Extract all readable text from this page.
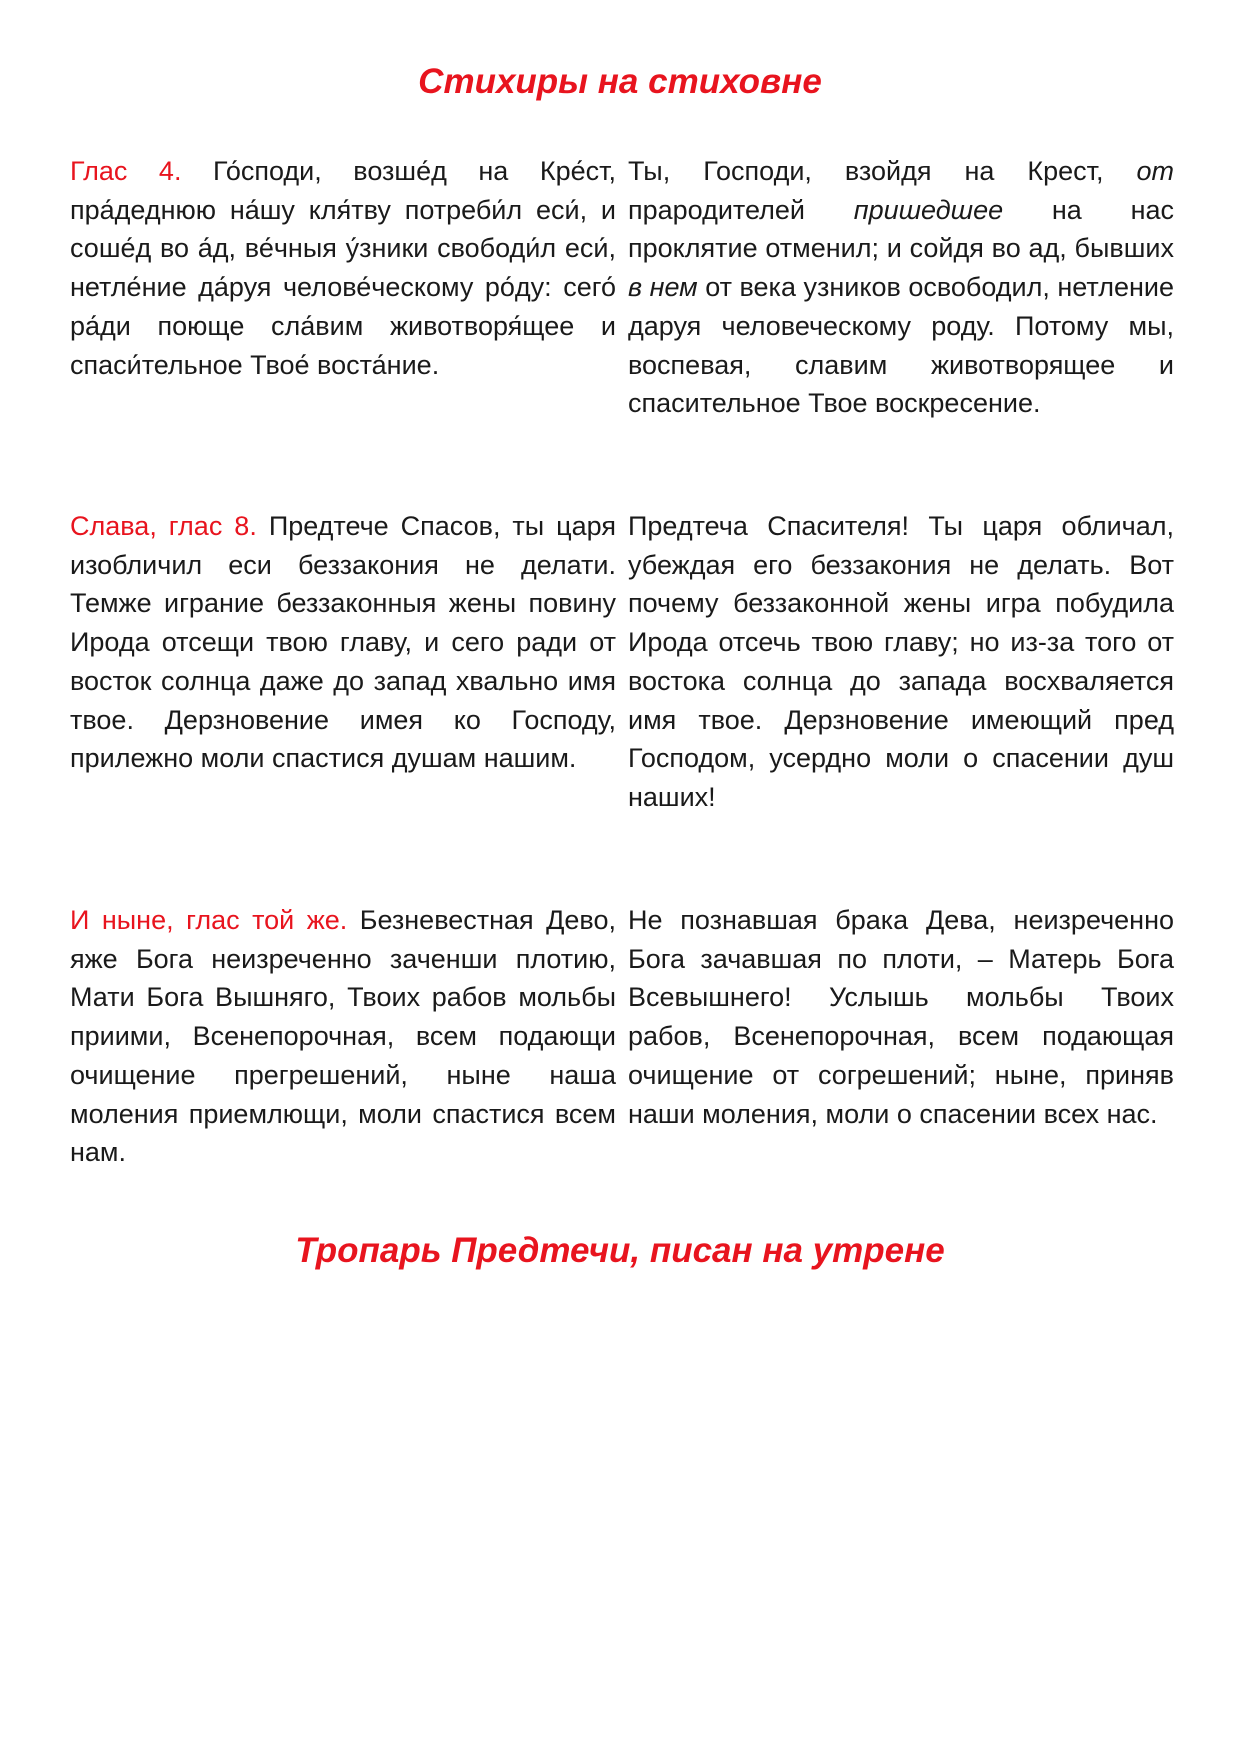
Стихиры на стиховне

Глас 4. Го́споди, возше́д на Кре́ст, пра́деднюю на́шу кля́тву потреби́л еси́, и соше́д во а́д, ве́чныя у́зники свободи́л еси́, нетле́ние да́руя челове́ческому ро́ду: сего́ ра́ди поюще сла́вим животворя́щее и спаси́тельное Твое́ воста́ние.

Ты, Господи, взойдя на Крест, от прародителей пришедшее на нас проклятие отменил; и сойдя во ад, бывших в нем от века узников освободил, нетление даруя человеческому роду. Потому мы, воспевая, славим животворящее и спасительное Твое воскресение.

Слава, глас 8. Предтече Спасов, ты царя изобличил еси беззакония не делати. Темже играние беззаконныя жены повину Ирода отсещи твою главу, и сего ради от восток солнца даже до запад хвально имя твое. Дерзновение имея ко Господу, прилежно моли спастися душам нашим.

Предтеча Спасителя! Ты царя обличал, убеждая его беззакония не делать. Вот почему беззаконной жены игра побудила Ирода отсечь твою главу; но из-за того от востока солнца до запада восхваляется имя твое. Дерзновение имеющий пред Господом, усердно моли о спасении душ наших!

И ныне, глас той же. Безневестная Дево, яже Бога неизреченно заченши плотию, Мати Бога Вышняго, Твоих рабов мольбы приими, Всенепорочная, всем подающи очищение прегрешений, ныне наша моления приемлющи, моли спастися всем нам.

Не познавшая брака Дева, неизреченно Бога зачавшая по плоти, – Матерь Бога Всевышнего! Услышь мольбы Твоих рабов, Всенепорочная, всем подающая очищение от согрешений; ныне, приняв наши моления, моли о спасении всех нас.

Тропарь Предтечи, писан на утрене
